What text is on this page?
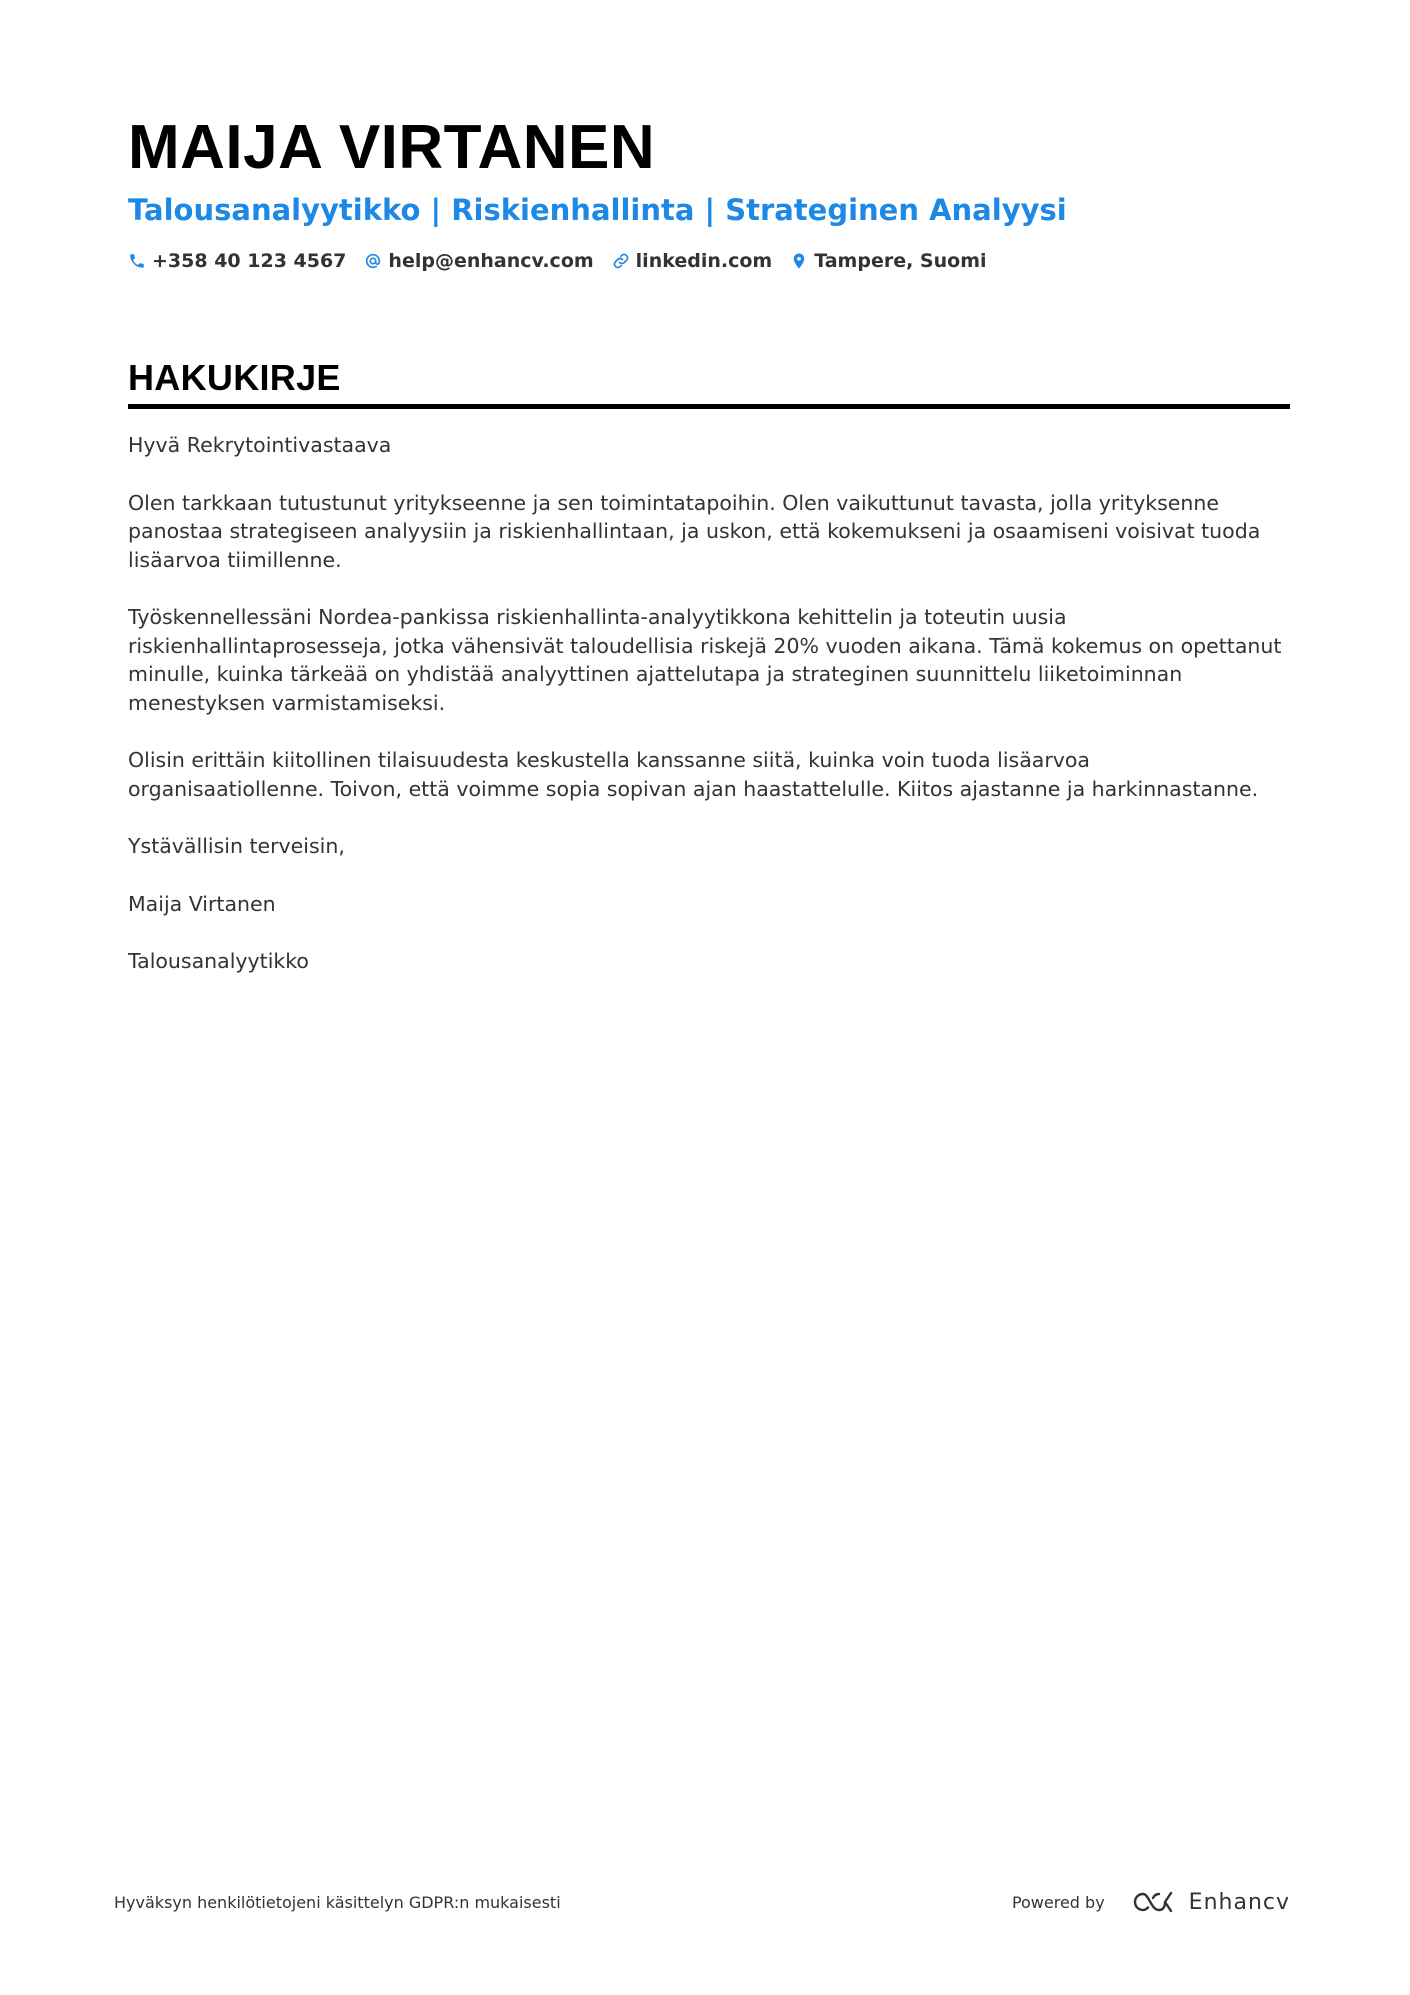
MAIJA VIRTANEN
Talousanalyytikko | Riskienhallinta | Strateginen Analyysi
+358 40 123 4567 help@enhancv.com linkedin.com Tampere, Suomi
HAKUKIRJE

Hyvä Rekrytointivastaava

Olen tarkkaan tutustunut yritykseenne ja sen toimintatapoihin. Olen vaikuttunut tavasta, jolla yrityksenne panostaa strategiseen analyysiin ja riskienhallintaan, ja uskon, että kokemukseni ja osaamiseni voisivat tuoda lisäarvoa tiimillenne.

Työskennellessäni Nordea-pankissa riskienhallinta-analyytikkona kehittelin ja toteutin uusia riskienhallintaprosesseja, jotka vähensivät taloudellisia riskejä 20% vuoden aikana. Tämä kokemus on opettanut minulle, kuinka tärkeää on yhdistää analyyttinen ajattelutapa ja strateginen suunnittelu liiketoiminnan menestyksen varmistamiseksi.

Olisin erittäin kiitollinen tilaisuudesta keskustella kanssanne siitä, kuinka voin tuoda lisäarvoa organisaatiollenne. Toivon, että voimme sopia sopivan ajan haastattelulle. Kiitos ajastanne ja harkinnastanne.

Ystävällisin terveisin,

Maija Virtanen

Talousanalyytikko

Hyväksyn henkilötietojeni käsittelyn GDPR:n mukaisesti	Powered by	Enhancv
